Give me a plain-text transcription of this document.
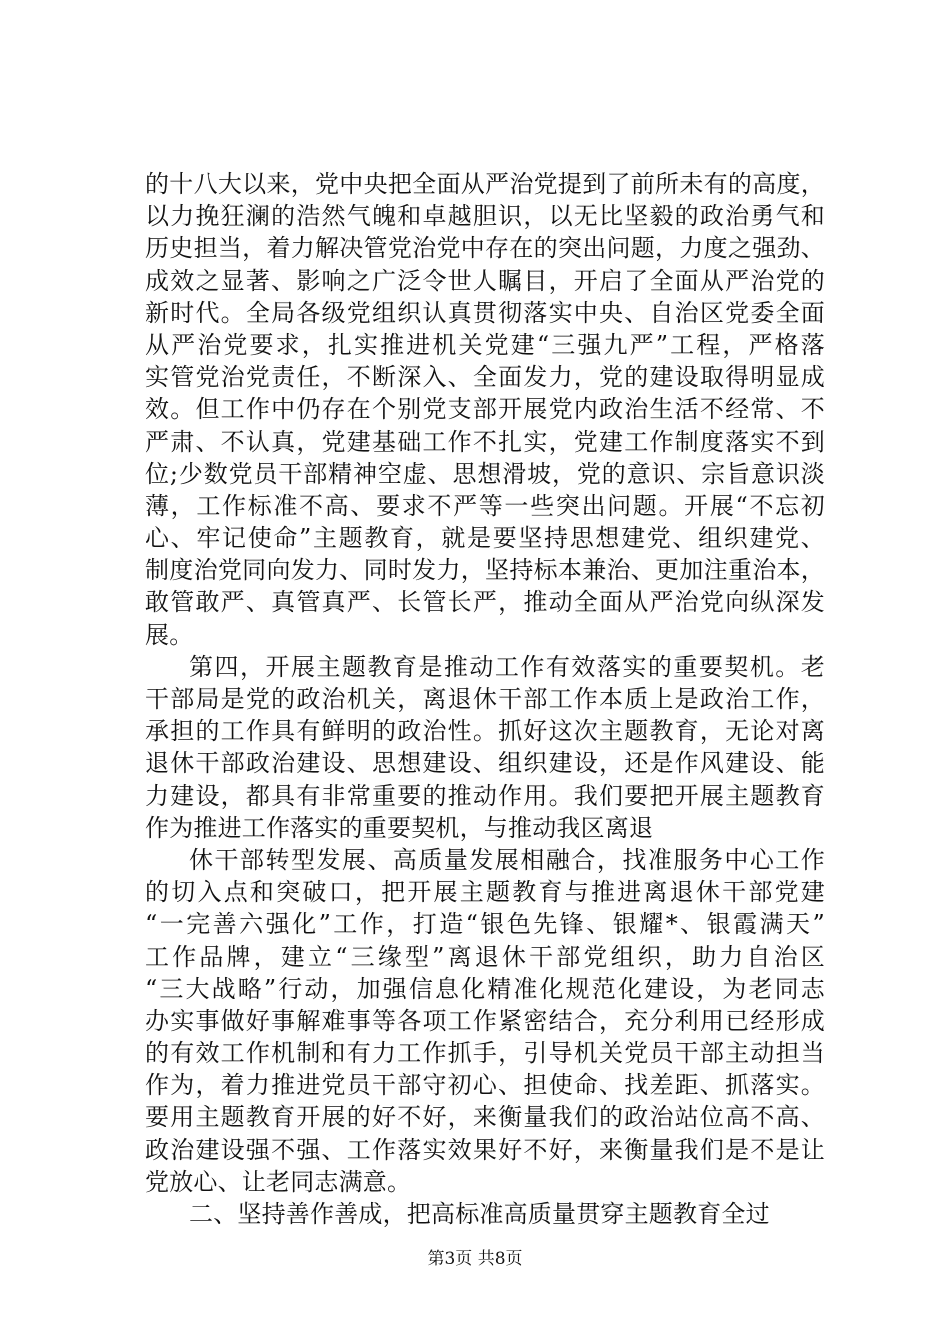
的十八大以来，党中央把全面从严治党提到了前所未有的高度，
以力挽狂澜的浩然气魄和卓越胆识，以无比坚毅的政治勇气和
历史担当，着力解决管党治党中存在的突出问题，力度之强劲、
成效之显著、影响之广泛令世人瞩目，开启了全面从严治党的
新时代。全局各级党组织认真贯彻落实中央、自治区党委全面
从严治党要求，扎实推进机关党建“三强九严”工程，严格落
实管党治党责任，不断深入、全面发力，党的建设取得明显成
效。但工作中仍存在个别党支部开展党内政治生活不经常、不
严肃、不认真，党建基础工作不扎实，党建工作制度落实不到
位;少数党员干部精神空虚、思想滑坡，党的意识、宗旨意识淡
薄，工作标准不高、要求不严等一些突出问题。开展“不忘初
心、牢记使命”主题教育，就是要坚持思想建党、组织建党、
制度治党同向发力、同时发力，坚持标本兼治、更加注重治本，
敢管敢严、真管真严、长管长严，推动全面从严治党向纵深发
展。
第四，开展主题教育是推动工作有效落实的重要契机。老
干部局是党的政治机关，离退休干部工作本质上是政治工作，
承担的工作具有鲜明的政治性。抓好这次主题教育，无论对离
退休干部政治建设、思想建设、组织建设，还是作风建设、能
力建设，都具有非常重要的推动作用。我们要把开展主题教育
作为推进工作落实的重要契机，与推动我区离退
休干部转型发展、高质量发展相融合，找准服务中心工作
的切入点和突破口，把开展主题教育与推进离退休干部党建
“一完善六强化”工作，打造“银色先锋、银耀*、银霞满天”
工作品牌，建立“三缘型”离退休干部党组织，助力自治区
“三大战略”行动，加强信息化精准化规范化建设，为老同志
办实事做好事解难事等各项工作紧密结合，充分利用已经形成
的有效工作机制和有力工作抓手，引导机关党员干部主动担当
作为，着力推进党员干部守初心、担使命、找差距、抓落实。
要用主题教育开展的好不好，来衡量我们的政治站位高不高、
政治建设强不强、工作落实效果好不好，来衡量我们是不是让
党放心、让老同志满意。
二、坚持善作善成，把高标准高质量贯穿主题教育全过
第3页 共8页
